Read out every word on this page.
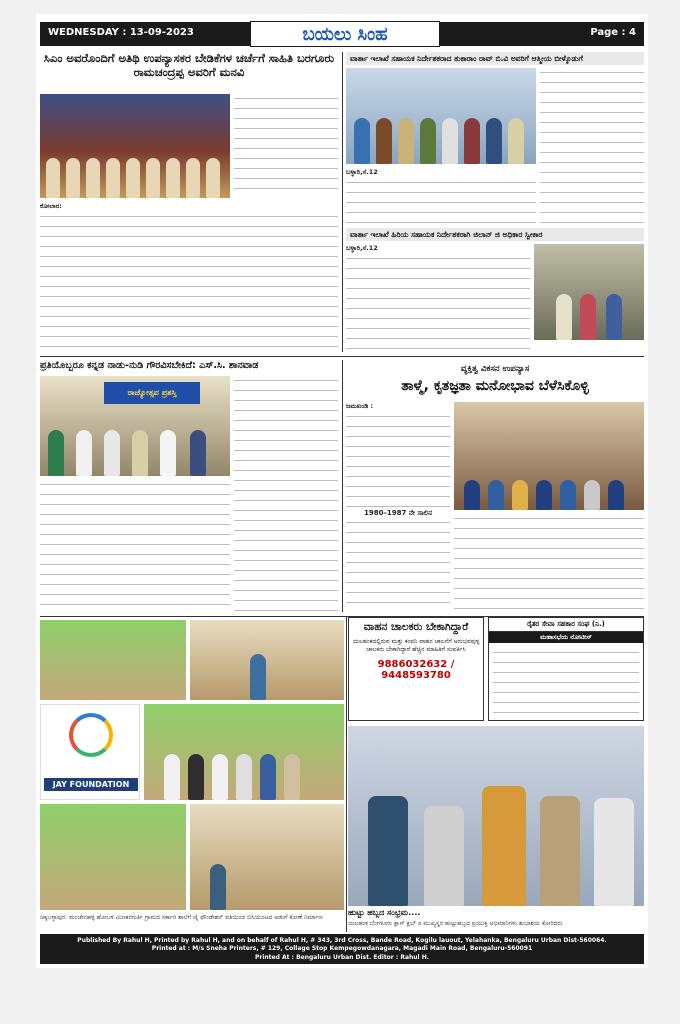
WEDNESDAY : 13-09-2023	ಬಯಲು ಸಿಂಹ	Page : 4
ಸಿಎಂ ಅವರೊಂದಿಗೆ ಅತಿಥಿ ಉಪನ್ಯಾಸಕರ ಬೇಡಿಕೆಗಳ ಚರ್ಚೆಗೆ ಸಾಹಿತಿ ಬರಗೂರು ರಾಮಚಂದ್ರಪ್ಪ ಅವರಿಗೆ ಮನವಿ
ಕೋಲಾರ:
ವಾರ್ತಾ ಇಲಾಖೆ ಸಹಾಯಕ ನಿರ್ದೇಶಕರಾದ ತುಕಾರಾಂ ರಾವ್ ಬಿ.ವಿ ಅವರಿಗೆ ಆತ್ಮೀಯ ಬೀಳ್ಕೊಡುಗೆ
ಬಳ್ಳಾರಿ,ಸೆ.12
ವಾರ್ತಾ ಇಲಾಖೆ ಹಿರಿಯ ಸಹಾಯಕ ನಿರ್ದೇಶಕರಾಗಿ ಜಿಲಾನ್ ಜಿ ಅಧಿಕಾರ ಸ್ವೀಕಾರ
ಬಳ್ಳಾರಿ,ಸೆ.12
ಪ್ರತಿಯೊಬ್ಬರೂ ಕನ್ನಡ ನಾಡು-ನುಡಿ ಗೌರವಿಸಬೇಕಿದೆ: ಎಸ್.ಸಿ. ಶಾನವಾಡ
ರಾಜ್ಯೋತ್ಸವ ಪ್ರಶಸ್ತಿ
ವ್ಯಕ್ತಿತ್ವ ವಿಕಸನ ಉಪನ್ಯಾಸ
ತಾಳ್ಮೆ, ಕೃತಜ್ಞತಾ ಮನೋಭಾವ ಬೆಳೆಸಿಕೊಳ್ಳಿ
ಜಮಖಂಡಿ :
1980–1987 ನೇ ಸಾಲಿನ
JAY FOUNDATION
ಚಿಕ್ಕಬಳ್ಳಾಪುರ: ಮಂಚೇನಹಳ್ಳಿ ಹೋಬಳಿ ಮಿಣಕನಗುರ್ಕಿ ಗ್ರಾಮದ ಸರ್ಕಾರಿ ಶಾಲೆಗೆ ಜೈ ಫೌಂಡೇಶನ್ ವತಿಯಿಂದ ಬಿಸಿಯೂಟದ ಅಡುಗೆ ಕೋಣೆ ನಿರ್ಮಾಣ
ವಾಹನ ಚಾಲಕರು ಬೇಕಾಗಿದ್ದಾರೆ
ಯಲಹಂಕದಲ್ಲಿರುವ ಮತ್ತು ಕಂಪನಿ ವಾಹನ ಚಾಲನೆಗೆ ಅನುಭವವುಳ್ಳ ಚಾಲಕರು ಬೇಕಾಗಿದ್ದಾರೆ ಹೆಚ್ಚಿನ ಮಾಹಿತಿಗೆ ಸಂಪರ್ಕಿಸಿ
9886032632 / 9448593780
ರೈತರ ಸೇವಾ ಸಹಕಾರ ಸಂಘ (ನಿ.)
ಮಹಾಸಭೆಯ ನೋಟೀಸ್
ಹುಟ್ಟು ಹಬ್ಬದ ಸಂಭ್ರಮ....
ಯಲಹಂಕ ಬೆಂಗಳೂರು ಕ್ಲಾಸ್ ಕ್ಲಬ್ ನ ಮುಖ್ಯಸ್ಥರ ಹುಟ್ಟುಹಬ್ಬದ ಪ್ರಯುಕ್ತ ಅಭಿಮಾನಿಗಳು ಶುಭಾಶಯ ಕೋರಿದರು
Published By Rahul H, Printed by Rahul H, and on behalf of Rahul H, # 343, 3rd Cross, Bande Road, Kogilu lauout, Yelahanka, Bengaluru Urban Dist-560064.
Printed at : M/s Sneha Printers, # 129, Collage Stop Kempegowdanagara, Magadi Main Road, Bengaluru-560091
Printed At : Bengaluru Urban Dist. Editor : Rahul H.
